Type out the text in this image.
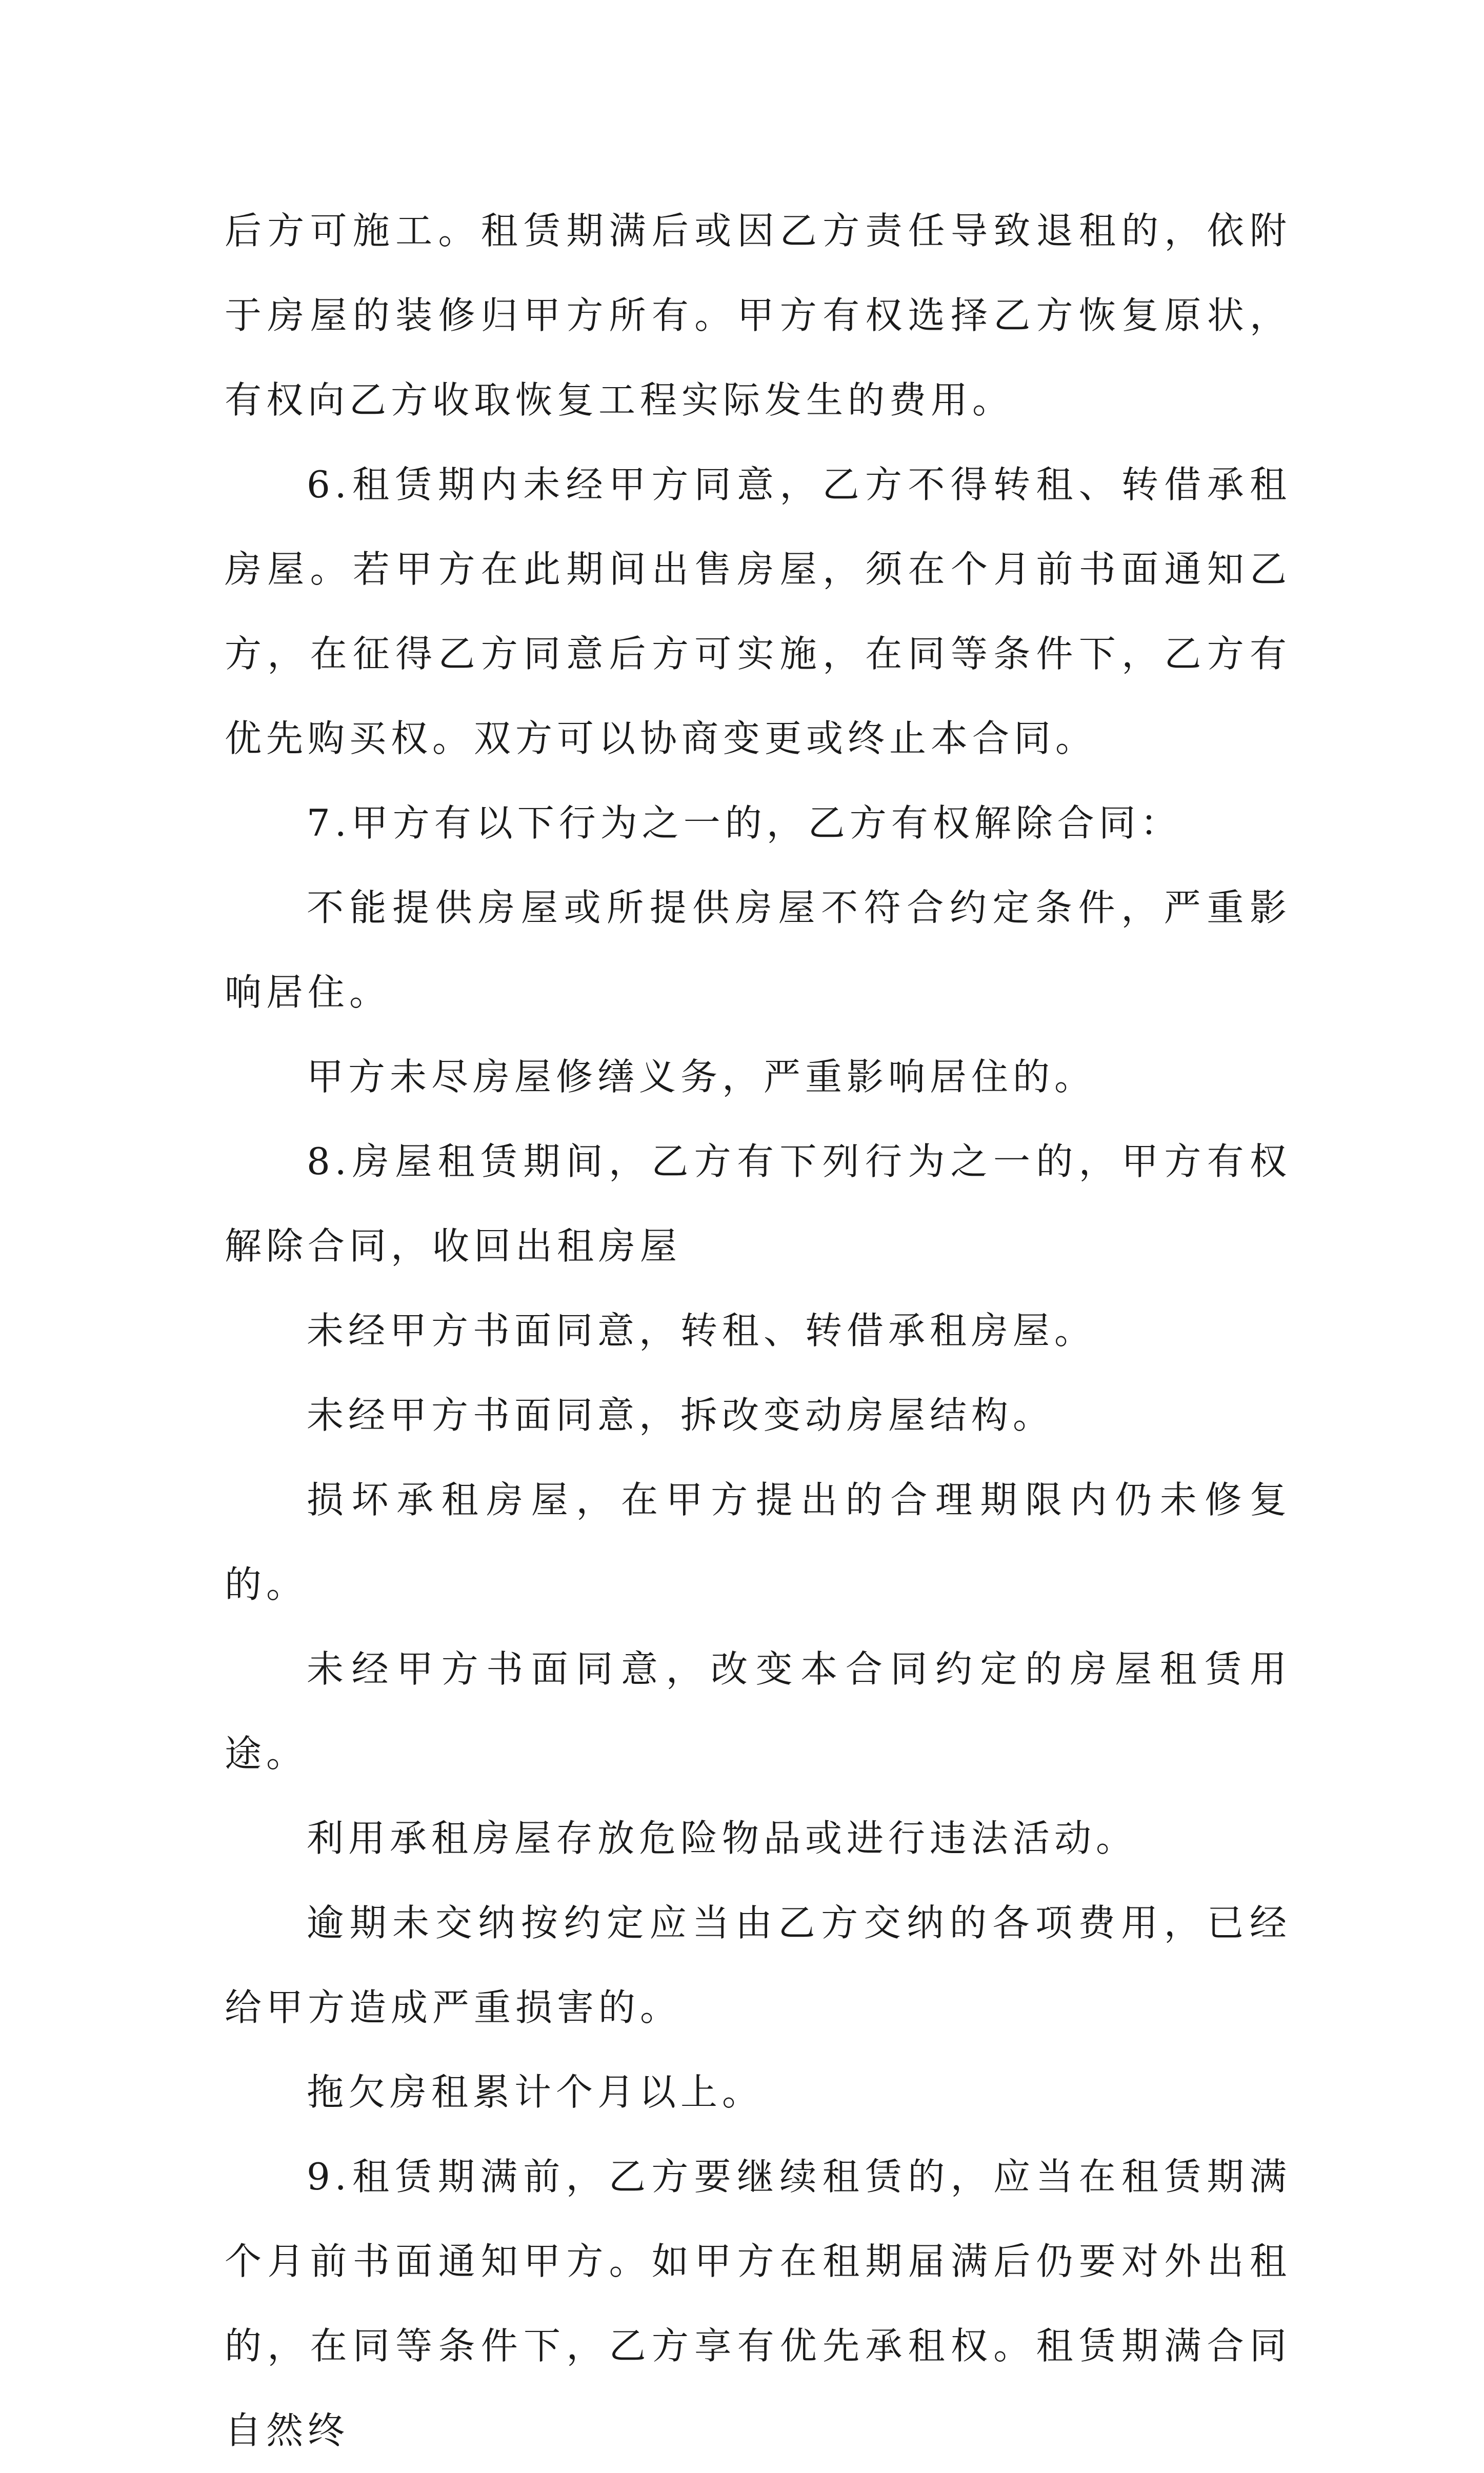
后方可施工。租赁期满后或因乙方责任导致退租的，依附于房屋的装修归甲方所有。甲方有权选择乙方恢复原状，有权向乙方收取恢复工程实际发生的费用。

6.租赁期内未经甲方同意，乙方不得转租、转借承租房屋。若甲方在此期间出售房屋，须在个月前书面通知乙方，在征得乙方同意后方可实施，在同等条件下，乙方有优先购买权。双方可以协商变更或终止本合同。

7.甲方有以下行为之一的，乙方有权解除合同：

不能提供房屋或所提供房屋不符合约定条件，严重影响居住。

甲方未尽房屋修缮义务，严重影响居住的。

8.房屋租赁期间，乙方有下列行为之一的，甲方有权解除合同，收回出租房屋

未经甲方书面同意，转租、转借承租房屋。

未经甲方书面同意，拆改变动房屋结构。

损坏承租房屋，在甲方提出的合理期限内仍未修复的。

未经甲方书面同意，改变本合同约定的房屋租赁用途。

利用承租房屋存放危险物品或进行违法活动。

逾期未交纳按约定应当由乙方交纳的各项费用，已经给甲方造成严重损害的。

拖欠房租累计个月以上。

9.租赁期满前，乙方要继续租赁的，应当在租赁期满个月前书面通知甲方。如甲方在租期届满后仍要对外出租的，在同等条件下，乙方享有优先承租权。租赁期满合同自然终
